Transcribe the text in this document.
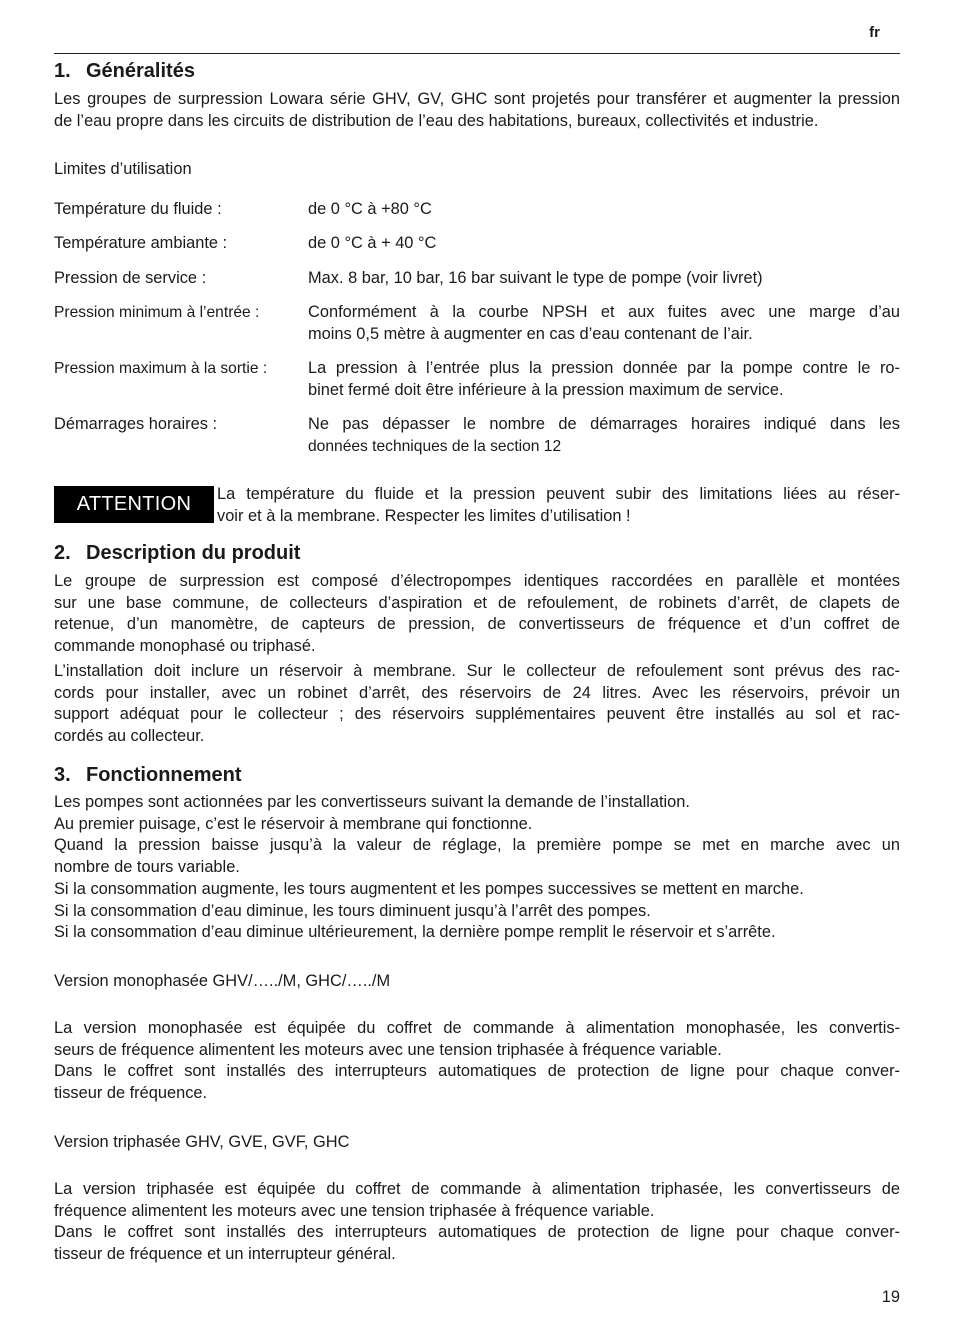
fr
1. Généralités
Les groupes de surpression Lowara série GHV, GV, GHC sont projetés pour transférer et augmenter la pression
de l’eau propre dans les circuits de distribution de l’eau des habitations, bureaux, collectivités et industrie.
Limites d’utilisation
Température du fluide :	de 0 °C à +80 °C
Température ambiante :	de 0 °C à + 40 °C
Pression de service :	Max. 8 bar, 10 bar, 16 bar suivant le type de pompe (voir livret)
Pression minimum à l’entrée :	Conformément à la courbe NPSH et aux fuites avec une marge d’au
moins 0,5 mètre à augmenter en cas d’eau contenant de l’air.
Pression maximum à la sortie : La pression à l’entrée plus la pression donnée par la pompe contre le ro-
binet fermé doit être inférieure à la pression maximum de service.
Démarrages horaires :	Ne pas dépasser le nombre de démarrages horaires indiqué dans les
données techniques de la section 12
ATTENTION	La température du fluide et la pression peuvent subir des limitations liées au réser-
voir et à la membrane. Respecter les limites d’utilisation !
2. Description du produit
Le groupe de surpression est composé d’électropompes identiques raccordées en parallèle et montées
sur une base commune, de collecteurs d’aspiration et de refoulement, de robinets d’arrêt, de clapets de
retenue, d’un manomètre, de capteurs de pression, de convertisseurs de fréquence et d’un coffret de
commande monophasé ou triphasé.
L’installation doit inclure un réservoir à membrane. Sur le collecteur de refoulement sont prévus des rac-
cords pour installer, avec un robinet d’arrêt, des réservoirs de 24 litres. Avec les réservoirs, prévoir un
support adéquat pour le collecteur ; des réservoirs supplémentaires peuvent être installés au sol et rac-
cordés au collecteur.
3. Fonctionnement
Les pompes sont actionnées par les convertisseurs suivant la demande de l’installation.
Au premier puisage, c’est le réservoir à membrane qui fonctionne.
Quand la pression baisse jusqu’à la valeur de réglage, la première pompe se met en marche avec un
nombre de tours variable.
Si la consommation augmente, les tours augmentent et les pompes successives se mettent en marche.
Si la consommation d’eau diminue, les tours diminuent jusqu’à l’arrêt des pompes.
Si la consommation d’eau diminue ultérieurement, la dernière pompe remplit le réservoir et s’arrête.
Version monophasée GHV/…../M, GHC/…../M
La version monophasée est équipée du coffret de commande à alimentation monophasée, les convertis-
seurs de fréquence alimentent les moteurs avec une tension triphasée à fréquence variable.
Dans le coffret sont installés des interrupteurs automatiques de protection de ligne pour chaque conver-
tisseur de fréquence.
Version triphasée GHV, GVE, GVF, GHC
La version triphasée est équipée du coffret de commande à alimentation triphasée, les convertisseurs de
fréquence alimentent les moteurs avec une tension triphasée à fréquence variable.
Dans le coffret sont installés des interrupteurs automatiques de protection de ligne pour chaque conver-
tisseur de fréquence et un interrupteur général.
19
